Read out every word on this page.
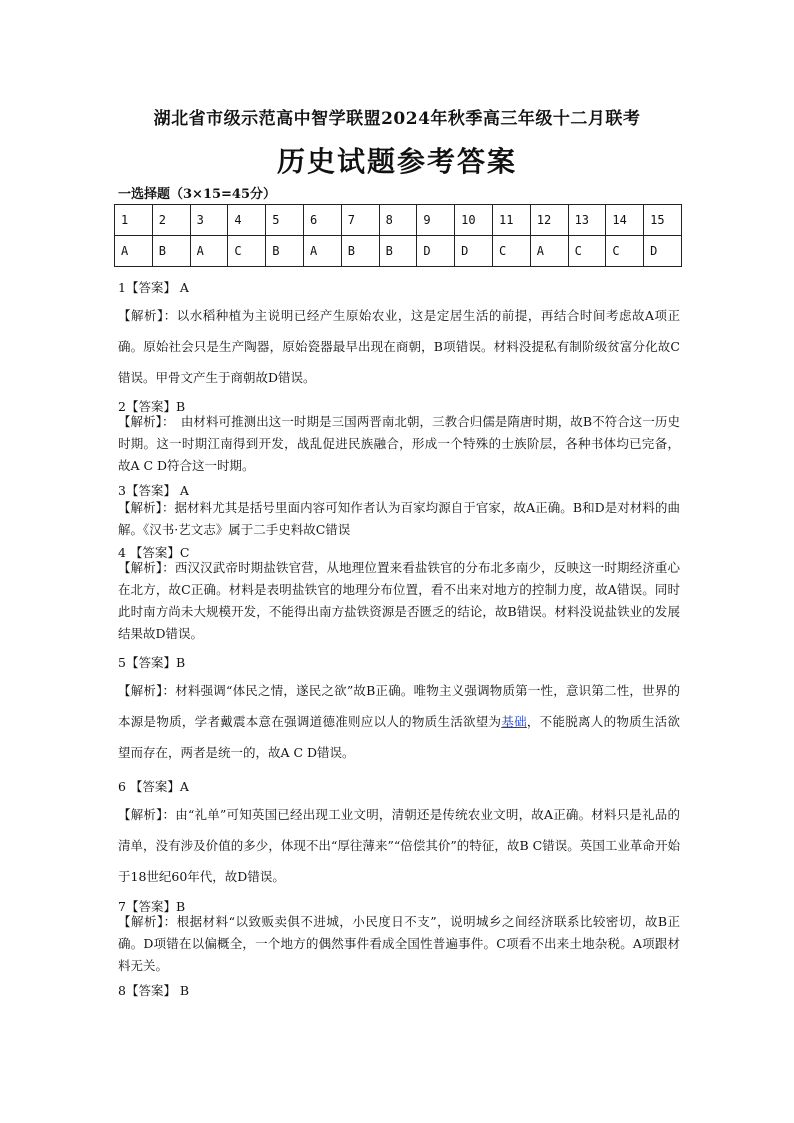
湖北省市级示范高中智学联盟2024年秋季高三年级十二月联考
历史试题参考答案
一选择题（3×15=45分）
1	2	3	4	5	6	7	8	9	10	11	12	13	14	15
A	B	A	C	B	A	B	B	D	D	C	A	C	C	D
1【答案】 A

【解析】：以水稻种植为主说明已经产生原始农业，这是定居生活的前提，再结合时间考虑故A项正确。原始社会只是生产陶器，原始瓷器最早出现在商朝，B项错误。材料没提私有制阶级贫富分化故C错误。甲骨文产生于商朝故D错误。

2【答案】B

【解析】：　由材料可推测出这一时期是三国两晋南北朝，三教合归儒是隋唐时期，故B不符合这一历史时期。这一时期江南得到开发，战乱促进民族融合，形成一个特殊的士族阶层，各种书体均已完备，故A C D符合这一时期。

3【答案】 A

【解析】：据材料尤其是括号里面内容可知作者认为百家均源自于官家，故A正确。B和D是对材料的曲解。《汉书·艺文志》属于二手史料故C错误

4 【答案】C

【解析】：西汉汉武帝时期盐铁官营，从地理位置来看盐铁官的分布北多南少，反映这一时期经济重心在北方，故C正确。材料是表明盐铁官的地理分布位置，看不出来对地方的控制力度，故A错误。同时此时南方尚未大规模开发，不能得出南方盐铁资源是否匮乏的结论，故B错误。材料没说盐铁业的发展结果故D错误。

5【答案】B

【解析】：材料强调“体民之情，遂民之欲”故B正确。唯物主义强调物质第一性，意识第二性，世界的本源是物质，学者戴震本意在强调道德准则应以人的物质生活欲望为基础，不能脱离人的物质生活欲望而存在，两者是统一的，故A C D错误。

6 【答案】A

【解析】：由“礼单”可知英国已经出现工业文明，清朝还是传统农业文明，故A正确。材料只是礼品的清单，没有涉及价值的多少，体现不出“厚往薄来”“倍偿其价”的特征，故B C错误。英国工业革命开始于18世纪60年代，故D错误。

7【答案】B

【解析】：根据材料“以致贩卖俱不进城，小民度日不支”，说明城乡之间经济联系比较密切，故B正确。D项错在以偏概全，一个地方的偶然事件看成全国性普遍事件。C项看不出来土地杂税。A项跟材料无关。

8【答案】 B
